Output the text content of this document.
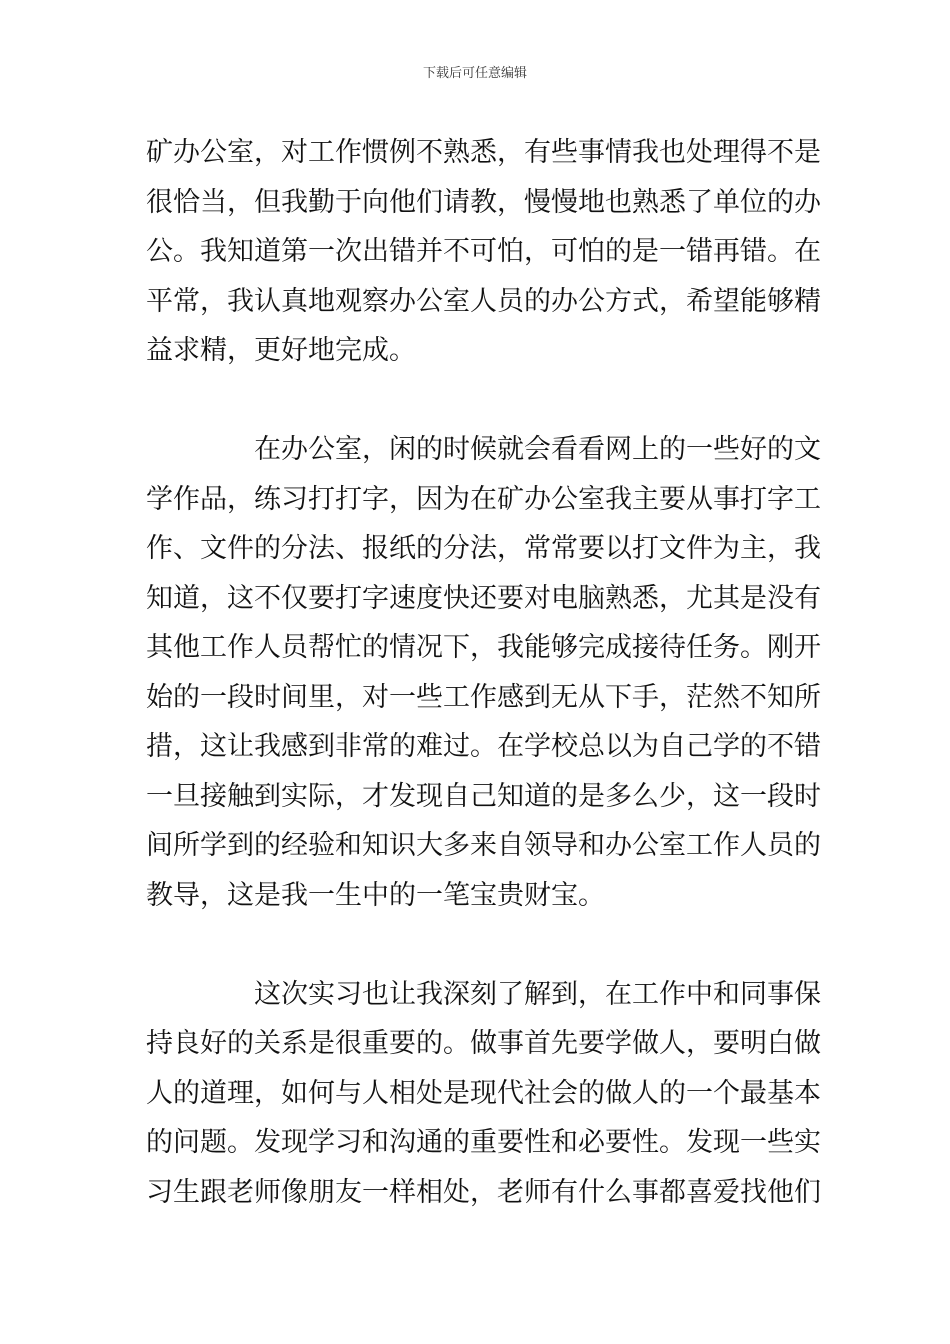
下载后可任意编辑

矿办公室，对工作惯例不熟悉，有些事情我也处理得不是
很恰当，但我勤于向他们请教，慢慢地也熟悉了单位的办
公。我知道第一次出错并不可怕，可怕的是一错再错。在
平常，我认真地观察办公室人员的办公方式，希望能够精
益求精，更好地完成。

在办公室，闲的时候就会看看网上的一些好的文
学作品，练习打打字，因为在矿办公室我主要从事打字工
作、文件的分法、报纸的分法，常常要以打文件为主，我
知道，这不仅要打字速度快还要对电脑熟悉，尤其是没有
其他工作人员帮忙的情况下，我能够完成接待任务。刚开
始的一段时间里，对一些工作感到无从下手，茫然不知所
措，这让我感到非常的难过。在学校总以为自己学的不错
一旦接触到实际，才发现自己知道的是多么少，这一段时
间所学到的经验和知识大多来自领导和办公室工作人员的
教导，这是我一生中的一笔宝贵财宝。

这次实习也让我深刻了解到，在工作中和同事保
持良好的关系是很重要的。做事首先要学做人，要明白做
人的道理，如何与人相处是现代社会的做人的一个最基本
的问题。发现学习和沟通的重要性和必要性。发现一些实
习生跟老师像朋友一样相处，老师有什么事都喜爱找他们
